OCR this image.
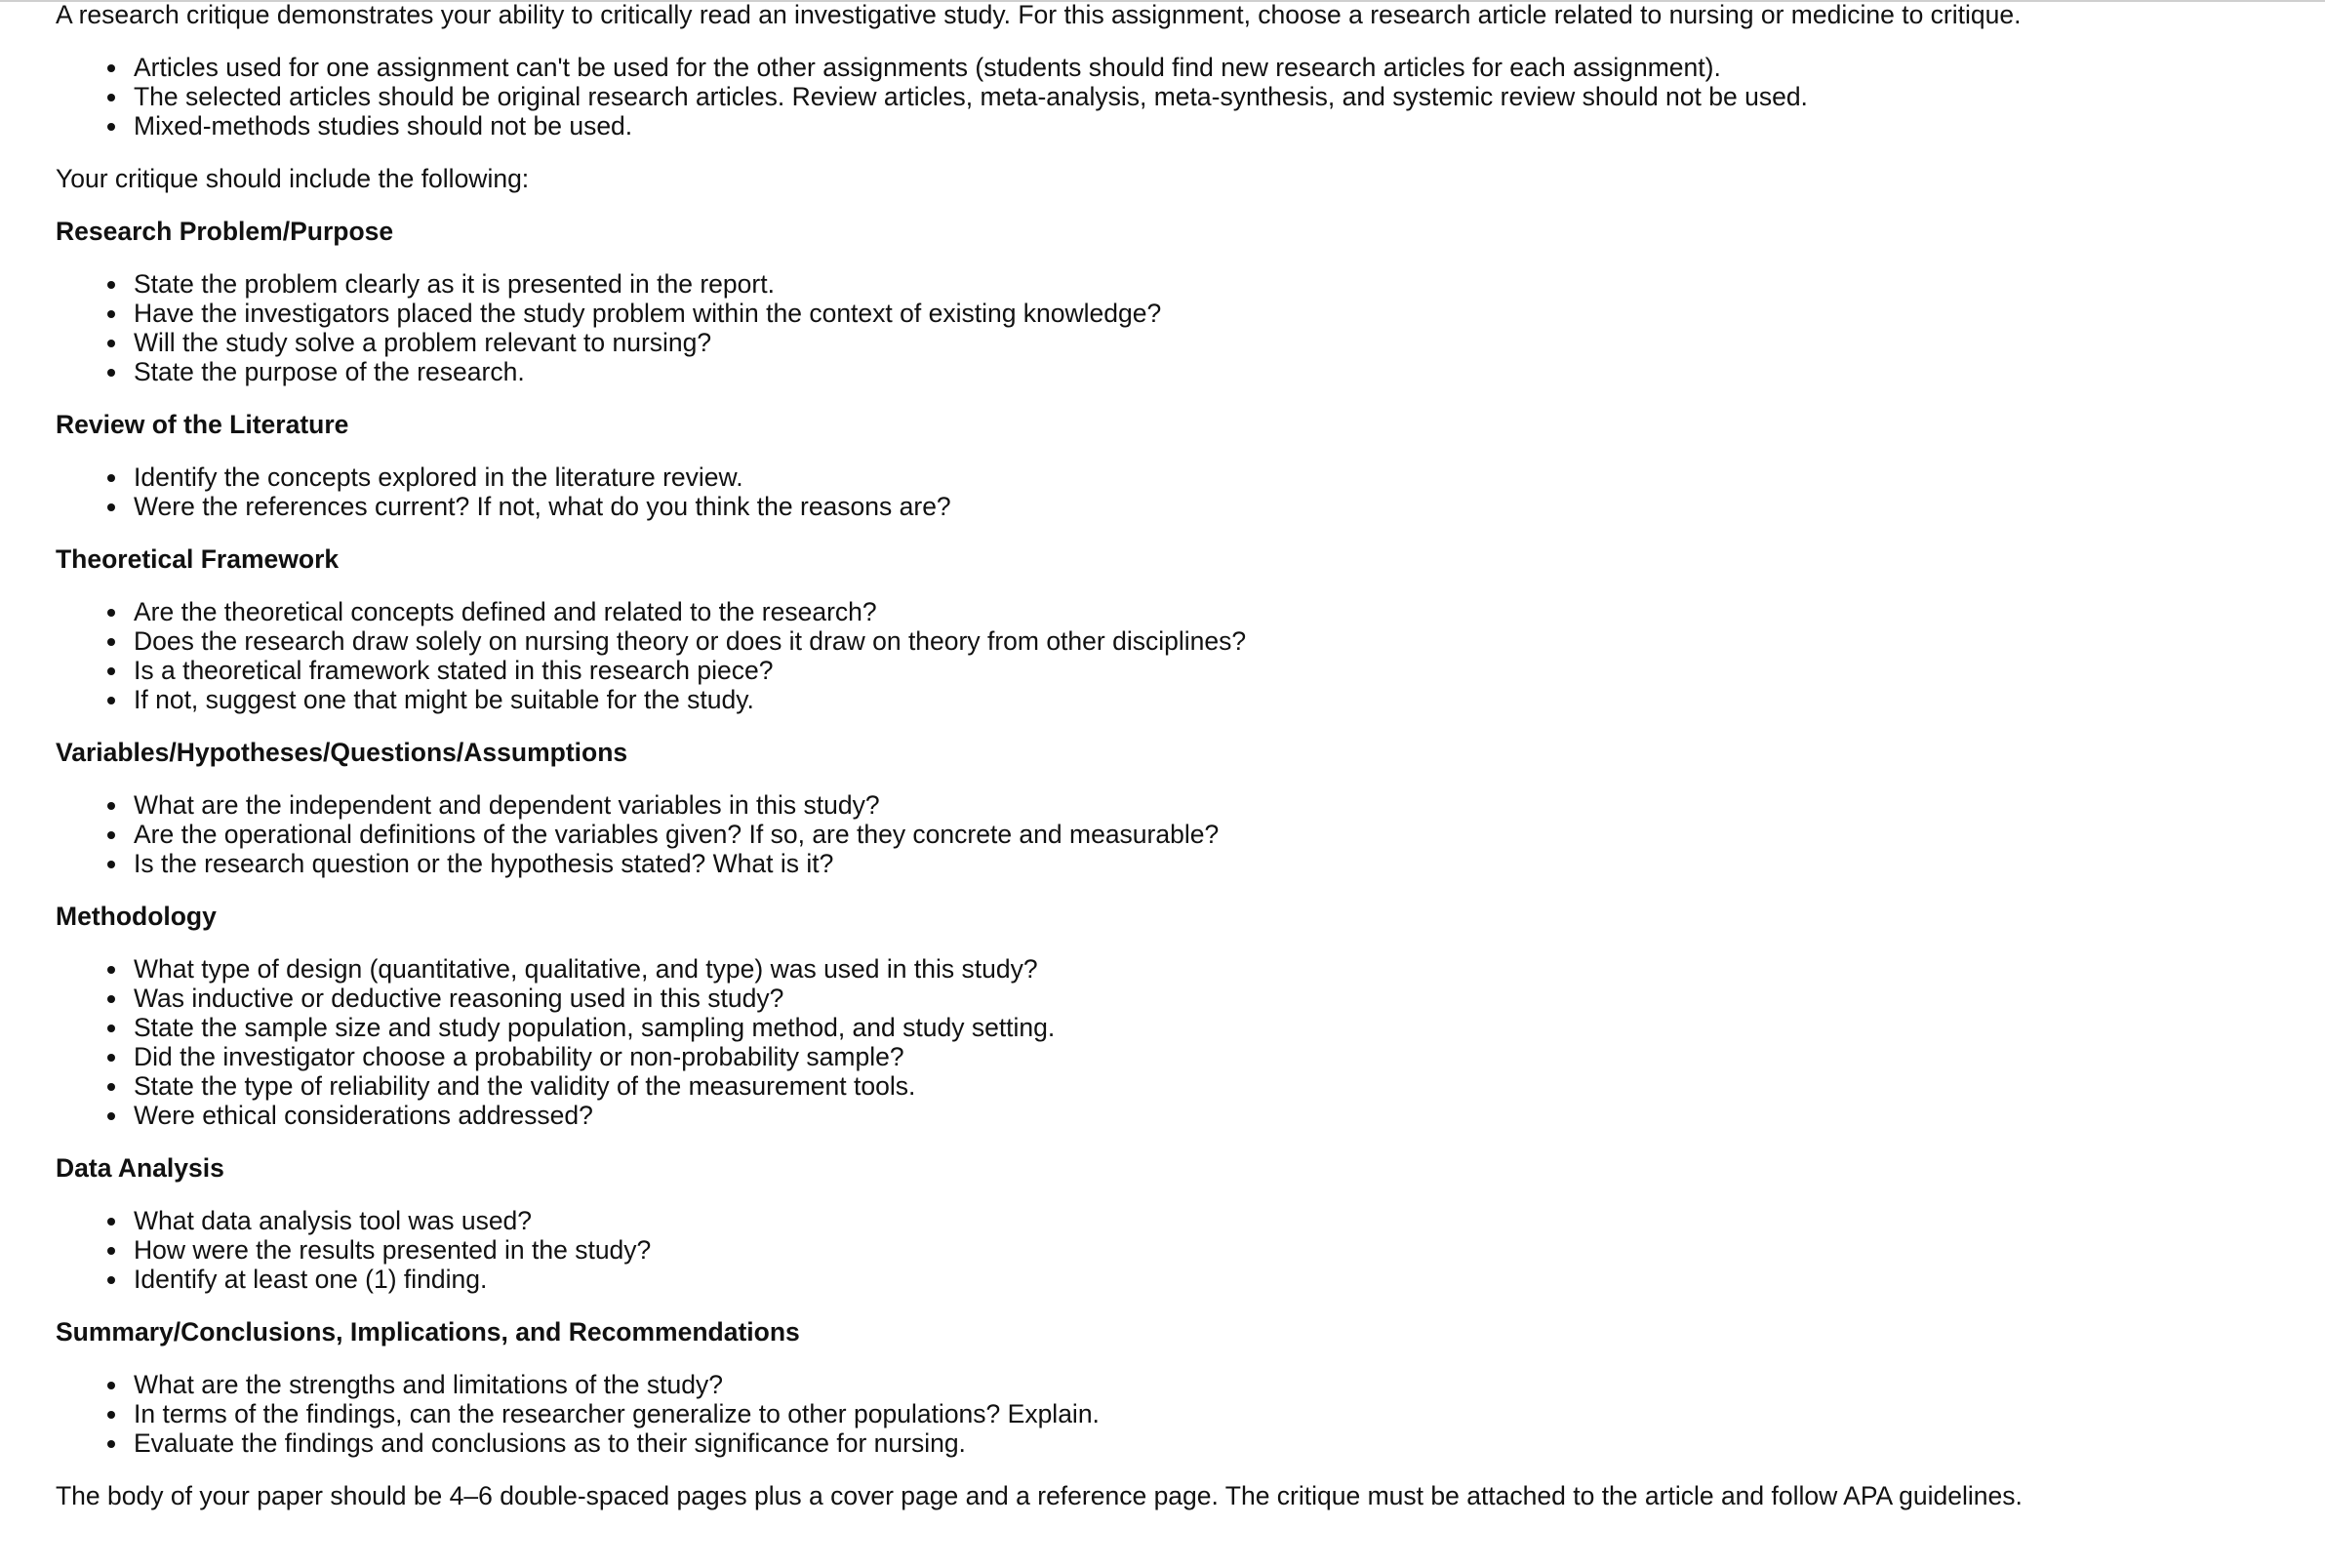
A research critique demonstrates your ability to critically read an investigative study. For this assignment, choose a research article related to nursing or medicine to critique.

Articles used for one assignment can't be used for the other assignments (students should find new research articles for each assignment).
The selected articles should be original research articles. Review articles, meta-analysis, meta-synthesis, and systemic review should not be used.
Mixed-methods studies should not be used.

Your critique should include the following:

Research Problem/Purpose
State the problem clearly as it is presented in the report.
Have the investigators placed the study problem within the context of existing knowledge?
Will the study solve a problem relevant to nursing?
State the purpose of the research.
Review of the Literature
Identify the concepts explored in the literature review.
Were the references current? If not, what do you think the reasons are?
Theoretical Framework
Are the theoretical concepts defined and related to the research?
Does the research draw solely on nursing theory or does it draw on theory from other disciplines?
Is a theoretical framework stated in this research piece?
If not, suggest one that might be suitable for the study.
Variables/Hypotheses/Questions/Assumptions
What are the independent and dependent variables in this study?
Are the operational definitions of the variables given? If so, are they concrete and measurable?
Is the research question or the hypothesis stated? What is it?
Methodology
What type of design (quantitative, qualitative, and type) was used in this study?
Was inductive or deductive reasoning used in this study?
State the sample size and study population, sampling method, and study setting.
Did the investigator choose a probability or non-probability sample?
State the type of reliability and the validity of the measurement tools.
Were ethical considerations addressed?
Data Analysis
What data analysis tool was used?
How were the results presented in the study?
Identify at least one (1) finding.
Summary/Conclusions, Implications, and Recommendations
What are the strengths and limitations of the study?
In terms of the findings, can the researcher generalize to other populations? Explain.
Evaluate the findings and conclusions as to their significance for nursing.

The body of your paper should be 4–6 double-spaced pages plus a cover page and a reference page. The critique must be attached to the article and follow APA guidelines.
